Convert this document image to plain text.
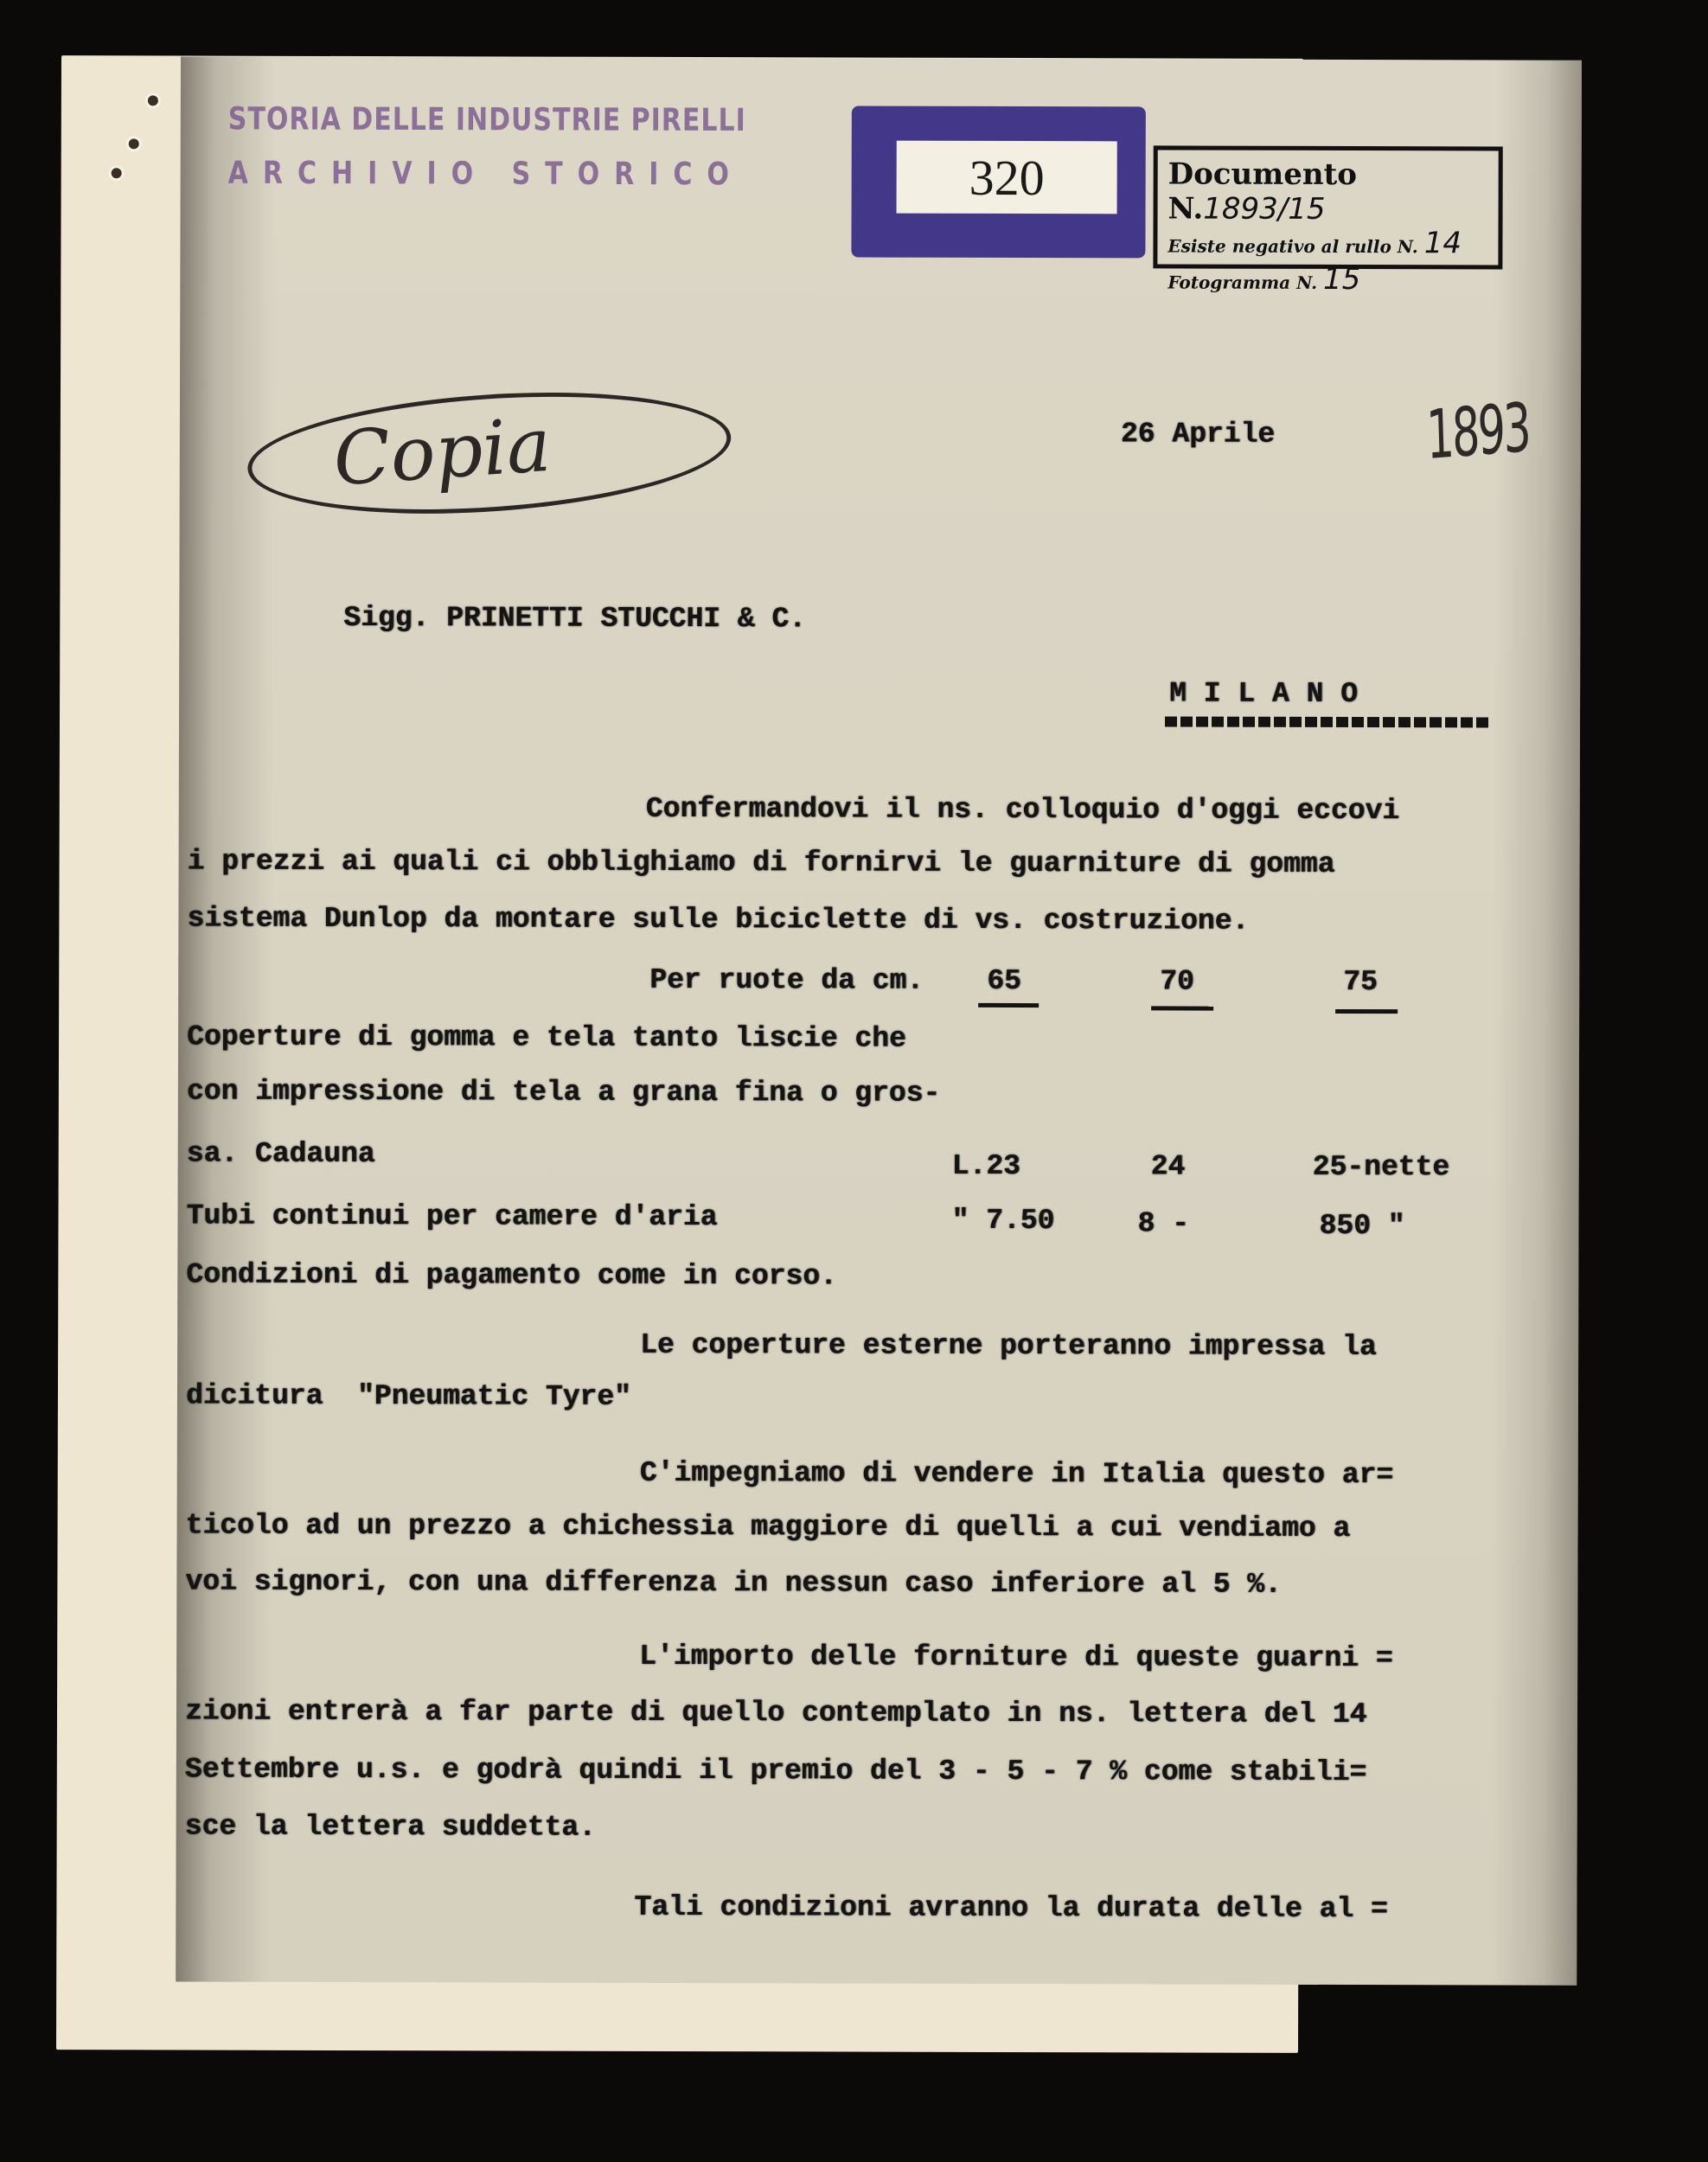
STORIA DELLE INDUSTRIE PIRELLI
ARCHIVIO STORICO	320	Documento N.1893/15
Esiste negativo al rullo N. 14
Fotogramma N. 15
Copia	1893
26 Aprile
Sigg. PRINETTI STUCCHI & C.
M I L A N O
Confermandovi il ns. colloquio d'oggi eccovi
i prezzi ai quali ci obblighiamo di fornirvi le guarniture di gomma
sistema Dunlop da montare sulle biciclette di vs. costruzione.
Per ruote da cm. 65	70	75
Coperture di gomma e tela tanto liscie che
con impressione di tela a grana fina o gros-
sa. Cadauna	L.23	24	25-nette
Tubi continui per camere d'aria	" 7.50	8 -	850 "
Condizioni di pagamento come in corso.
Le coperture esterne porteranno impressa la
dicitura  "Pneumatic Tyre"
C'impegniamo di vendere in Italia questo ar=
ticolo ad un prezzo a chichessia maggiore di quelli a cui vendiamo a
voi signori, con una differenza in nessun caso inferiore al 5 %.
L'importo delle forniture di queste guarni =
zioni entrerà a far parte di quello contemplato in ns. lettera del 14
Settembre u.s. e godrà quindi il premio del 3 - 5 - 7 % come stabili=
sce la lettera suddetta.
Tali condizioni avranno la durata delle al =
